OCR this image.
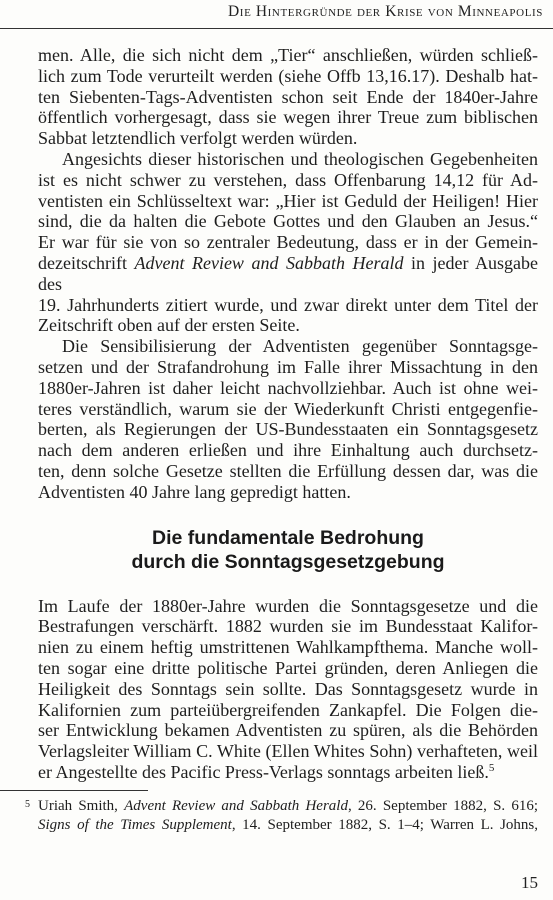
Die Hintergründe der Krise von Minneapolis

men. Alle, die sich nicht dem „Tier“ anschließen, würden schließ-
lich zum Tode verurteilt werden (siehe Offb 13,16.17). Deshalb hat-
ten Siebenten-Tags-Adventisten schon seit Ende der 1840er-Jahre
öffentlich vorhergesagt, dass sie wegen ihrer Treue zum biblischen
Sabbat letztendlich verfolgt werden würden.

Angesichts dieser historischen und theologischen Gegebenheiten
ist es nicht schwer zu verstehen, dass Offenbarung 14,12 für Ad-
ventisten ein Schlüsseltext war: „Hier ist Geduld der Heiligen! Hier
sind, die da halten die Gebote Gottes und den Glauben an Jesus.“
Er war für sie von so zentraler Bedeutung, dass er in der Gemein-
dezeitschrift Advent Review and Sabbath Herald in jeder Ausgabe des
19. Jahrhunderts zitiert wurde, und zwar direkt unter dem Titel der
Zeitschrift oben auf der ersten Seite.

Die Sensibilisierung der Adventisten gegenüber Sonntagsge-
setzen und der Strafandrohung im Falle ihrer Missachtung in den
1880er-Jahren ist daher leicht nachvollziehbar. Auch ist ohne wei-
teres verständlich, warum sie der Wiederkunft Christi entgegenfie-
berten, als Regierungen der US-Bundesstaaten ein Sonntagsgesetz
nach dem anderen erließen und ihre Einhaltung auch durchsetz-
ten, denn solche Gesetze stellten die Erfüllung dessen dar, was die
Adventisten 40 Jahre lang gepredigt hatten.

Die fundamentale Bedrohung
durch die Sonntagsgesetzgebung

Im Laufe der 1880er-Jahre wurden die Sonntagsgesetze und die
Bestrafungen verschärft. 1882 wurden sie im Bundesstaat Kalifor-
nien zu einem heftig umstrittenen Wahlkampfthema. Manche woll-
ten sogar eine dritte politische Partei gründen, deren Anliegen die
Heiligkeit des Sonntags sein sollte. Das Sonntagsgesetz wurde in
Kalifornien zum parteiübergreifenden Zankapfel. Die Folgen die-
ser Entwicklung bekamen Adventisten zu spüren, als die Behörden
Verlagsleiter William C. White (Ellen Whites Sohn) verhafteten, weil
er Angestellte des Pacific Press-Verlags sonntags arbeiten ließ.$^5$

5 Uriah Smith, Advent Review and Sabbath Herald, 26. September 1882, S. 616;
Signs of the Times Supplement, 14. September 1882, S. 1–4; Warren L. Johns,
15
